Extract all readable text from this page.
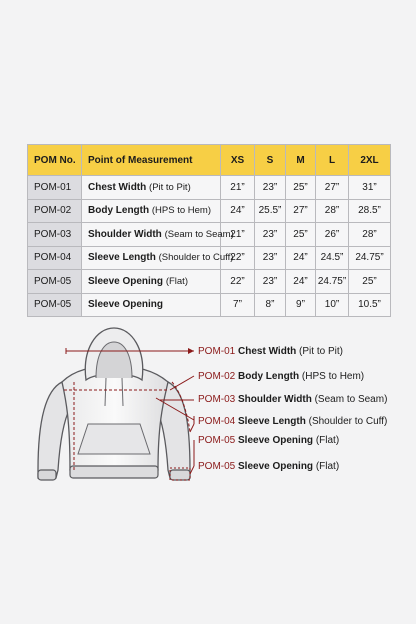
POM No.	Point of Measurement	XS	S	M	L	2XL
POM-01	Chest Width (Pit to Pit)	21”	23”	25”	27”	31”
POM-02	Body Length (HPS to Hem)	24”	25.5”	27”	28”	28.5”
POM-03	Shoulder Width (Seam to Seam)	21”	23”	25”	26”	28”
POM-04	Sleeve Length (Shoulder to Cuff)	22”	23”	24”	24.5”	24.75”
POM-05	Sleeve Opening (Flat)	22”	23”	24”	24.75”	25”
POM-05	Sleeve Opening	7”	8”	9”	10”	10.5”
POM-01 Chest Width (Pit to Pit)
POM-02 Body Length (HPS to Hem)
POM-03 Shoulder Width (Seam to Seam)
POM-04 Sleeve Length (Shoulder to Cuff)
POM-05 Sleeve Opening (Flat)
POM-05 Sleeve Opening (Flat)
